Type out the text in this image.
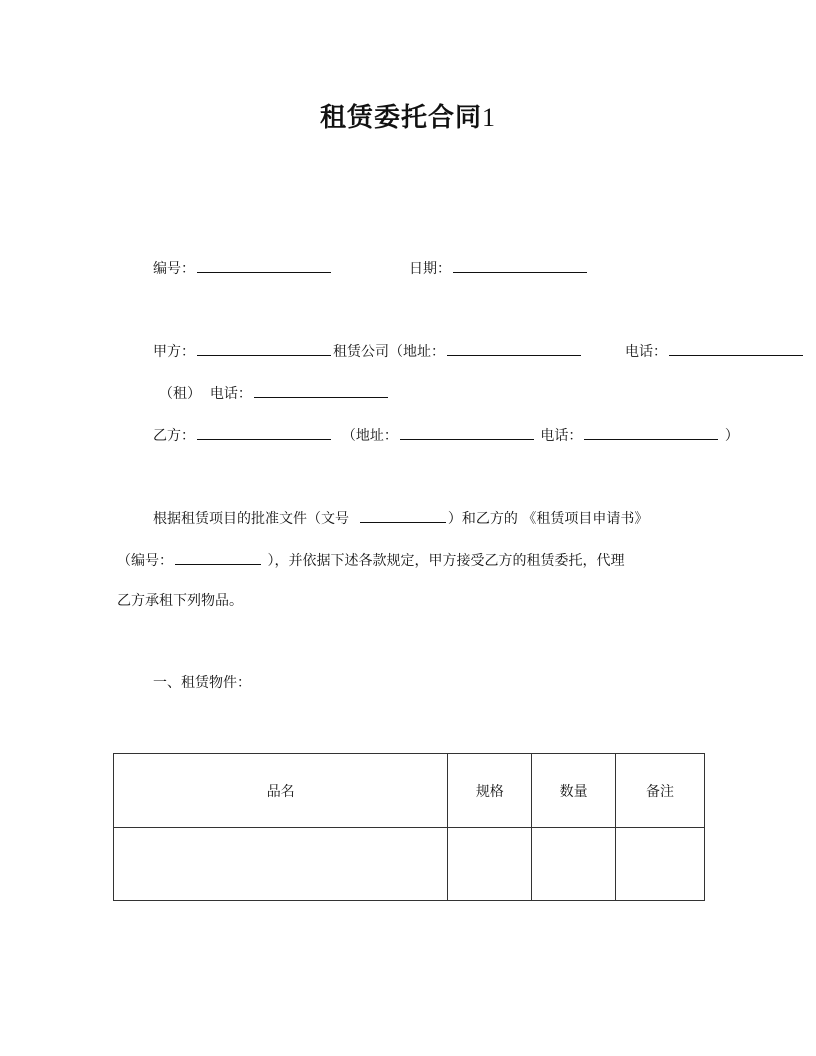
租赁委托合同1
编号：	日期：
甲方：	租赁公司（地址：	电话：
（租） 电话：
乙方：	（地址：	电话：	）
根据租赁项目的批准文件（文号	）和乙方的 《租赁项目申请书》
（编号：	），并依据下述各款规定，甲方接受乙方的租赁委托，代理
乙方承租下列物品。
一、租赁物件：
品名	规格	数量	备注
